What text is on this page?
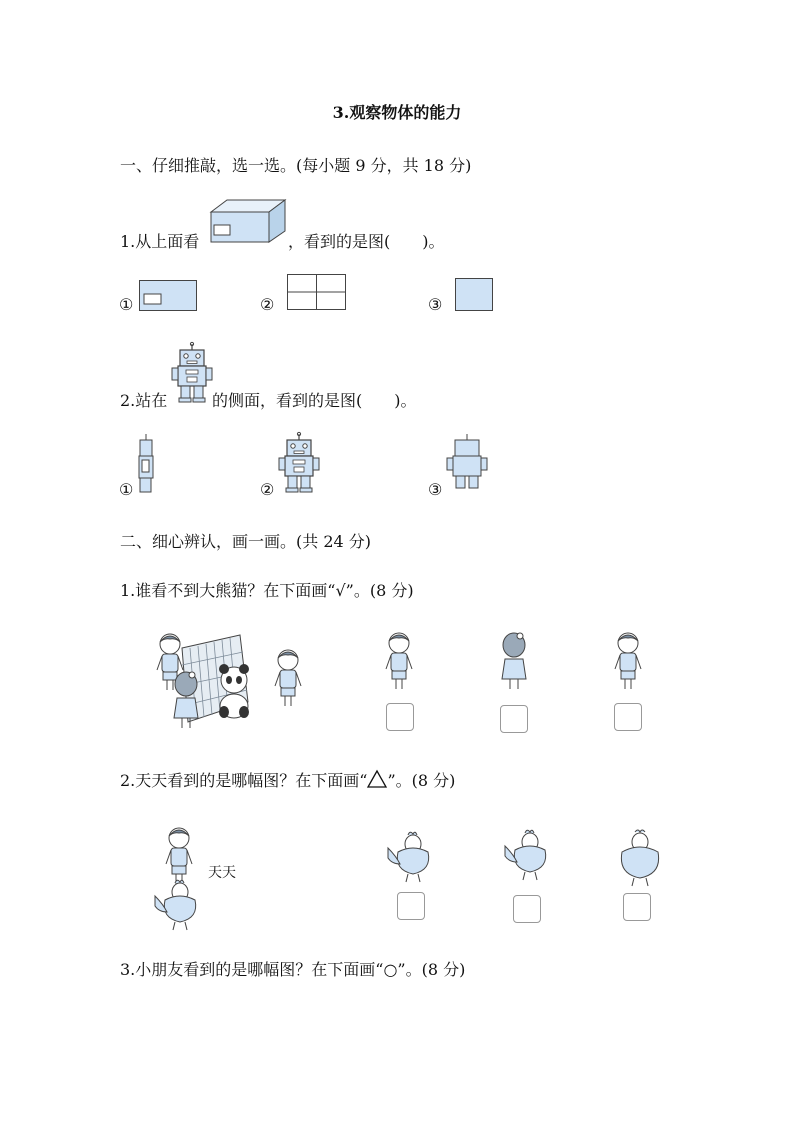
3.观察物体的能力
一、仔细推敲，选一选。(每小题 9 分，共 18 分)
1.从上面看	，看到的是图(　　)。
①	②	③
2.站在	的侧面，看到的是图(　　)。
①	②	③
二、细心辨认，画一画。(共 24 分)
1.谁看不到大熊猫？在下面画“√”。(8 分)
2.天天看到的是哪幅图？在下面画“ ”。(8 分)
天天
3.小朋友看到的是哪幅图？在下面画“○”。(8 分)
